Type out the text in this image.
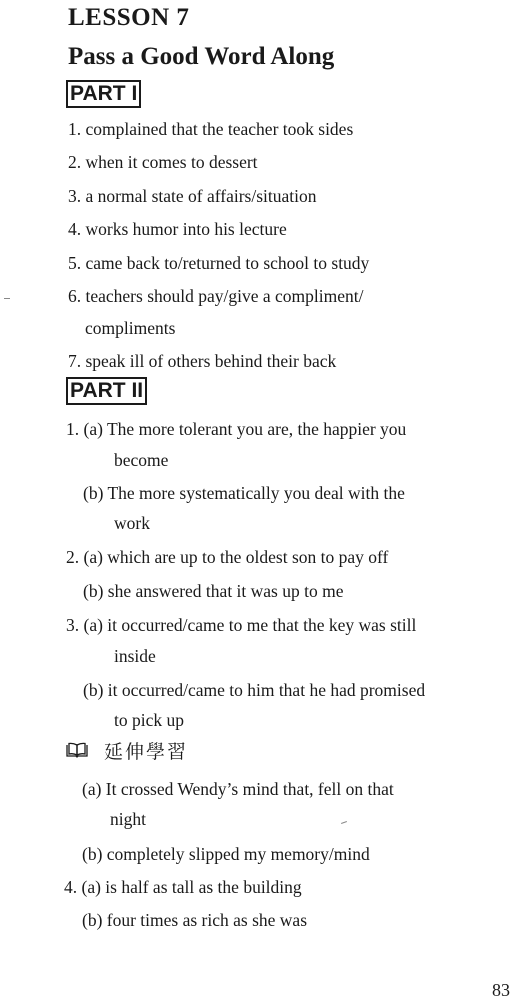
LESSON 7
Pass a Good Word Along
PART I
1. complained that the teacher took sides
2. when it comes to dessert
3. a normal state of affairs/situation
4. works humor into his lecture
5. came back to/returned to school to study
6. teachers should pay/give a compliment/
compliments
7. speak ill of others behind their back
PART II
1. (a) The more tolerant you are, the happier you
become
(b) The more systematically you deal with the
work
2. (a) which are up to the oldest son to pay off
(b) she answered that it was up to me
3. (a) it occurred/came to me that the key was still
inside
(b) it occurred/came to him that he had promised
to pick up
延伸學習
(a) It crossed Wendy’s mind that, fell on that
night
(b) completely slipped my memory/mind
4. (a) is half as tall as the building
(b) four times as rich as she was
83
